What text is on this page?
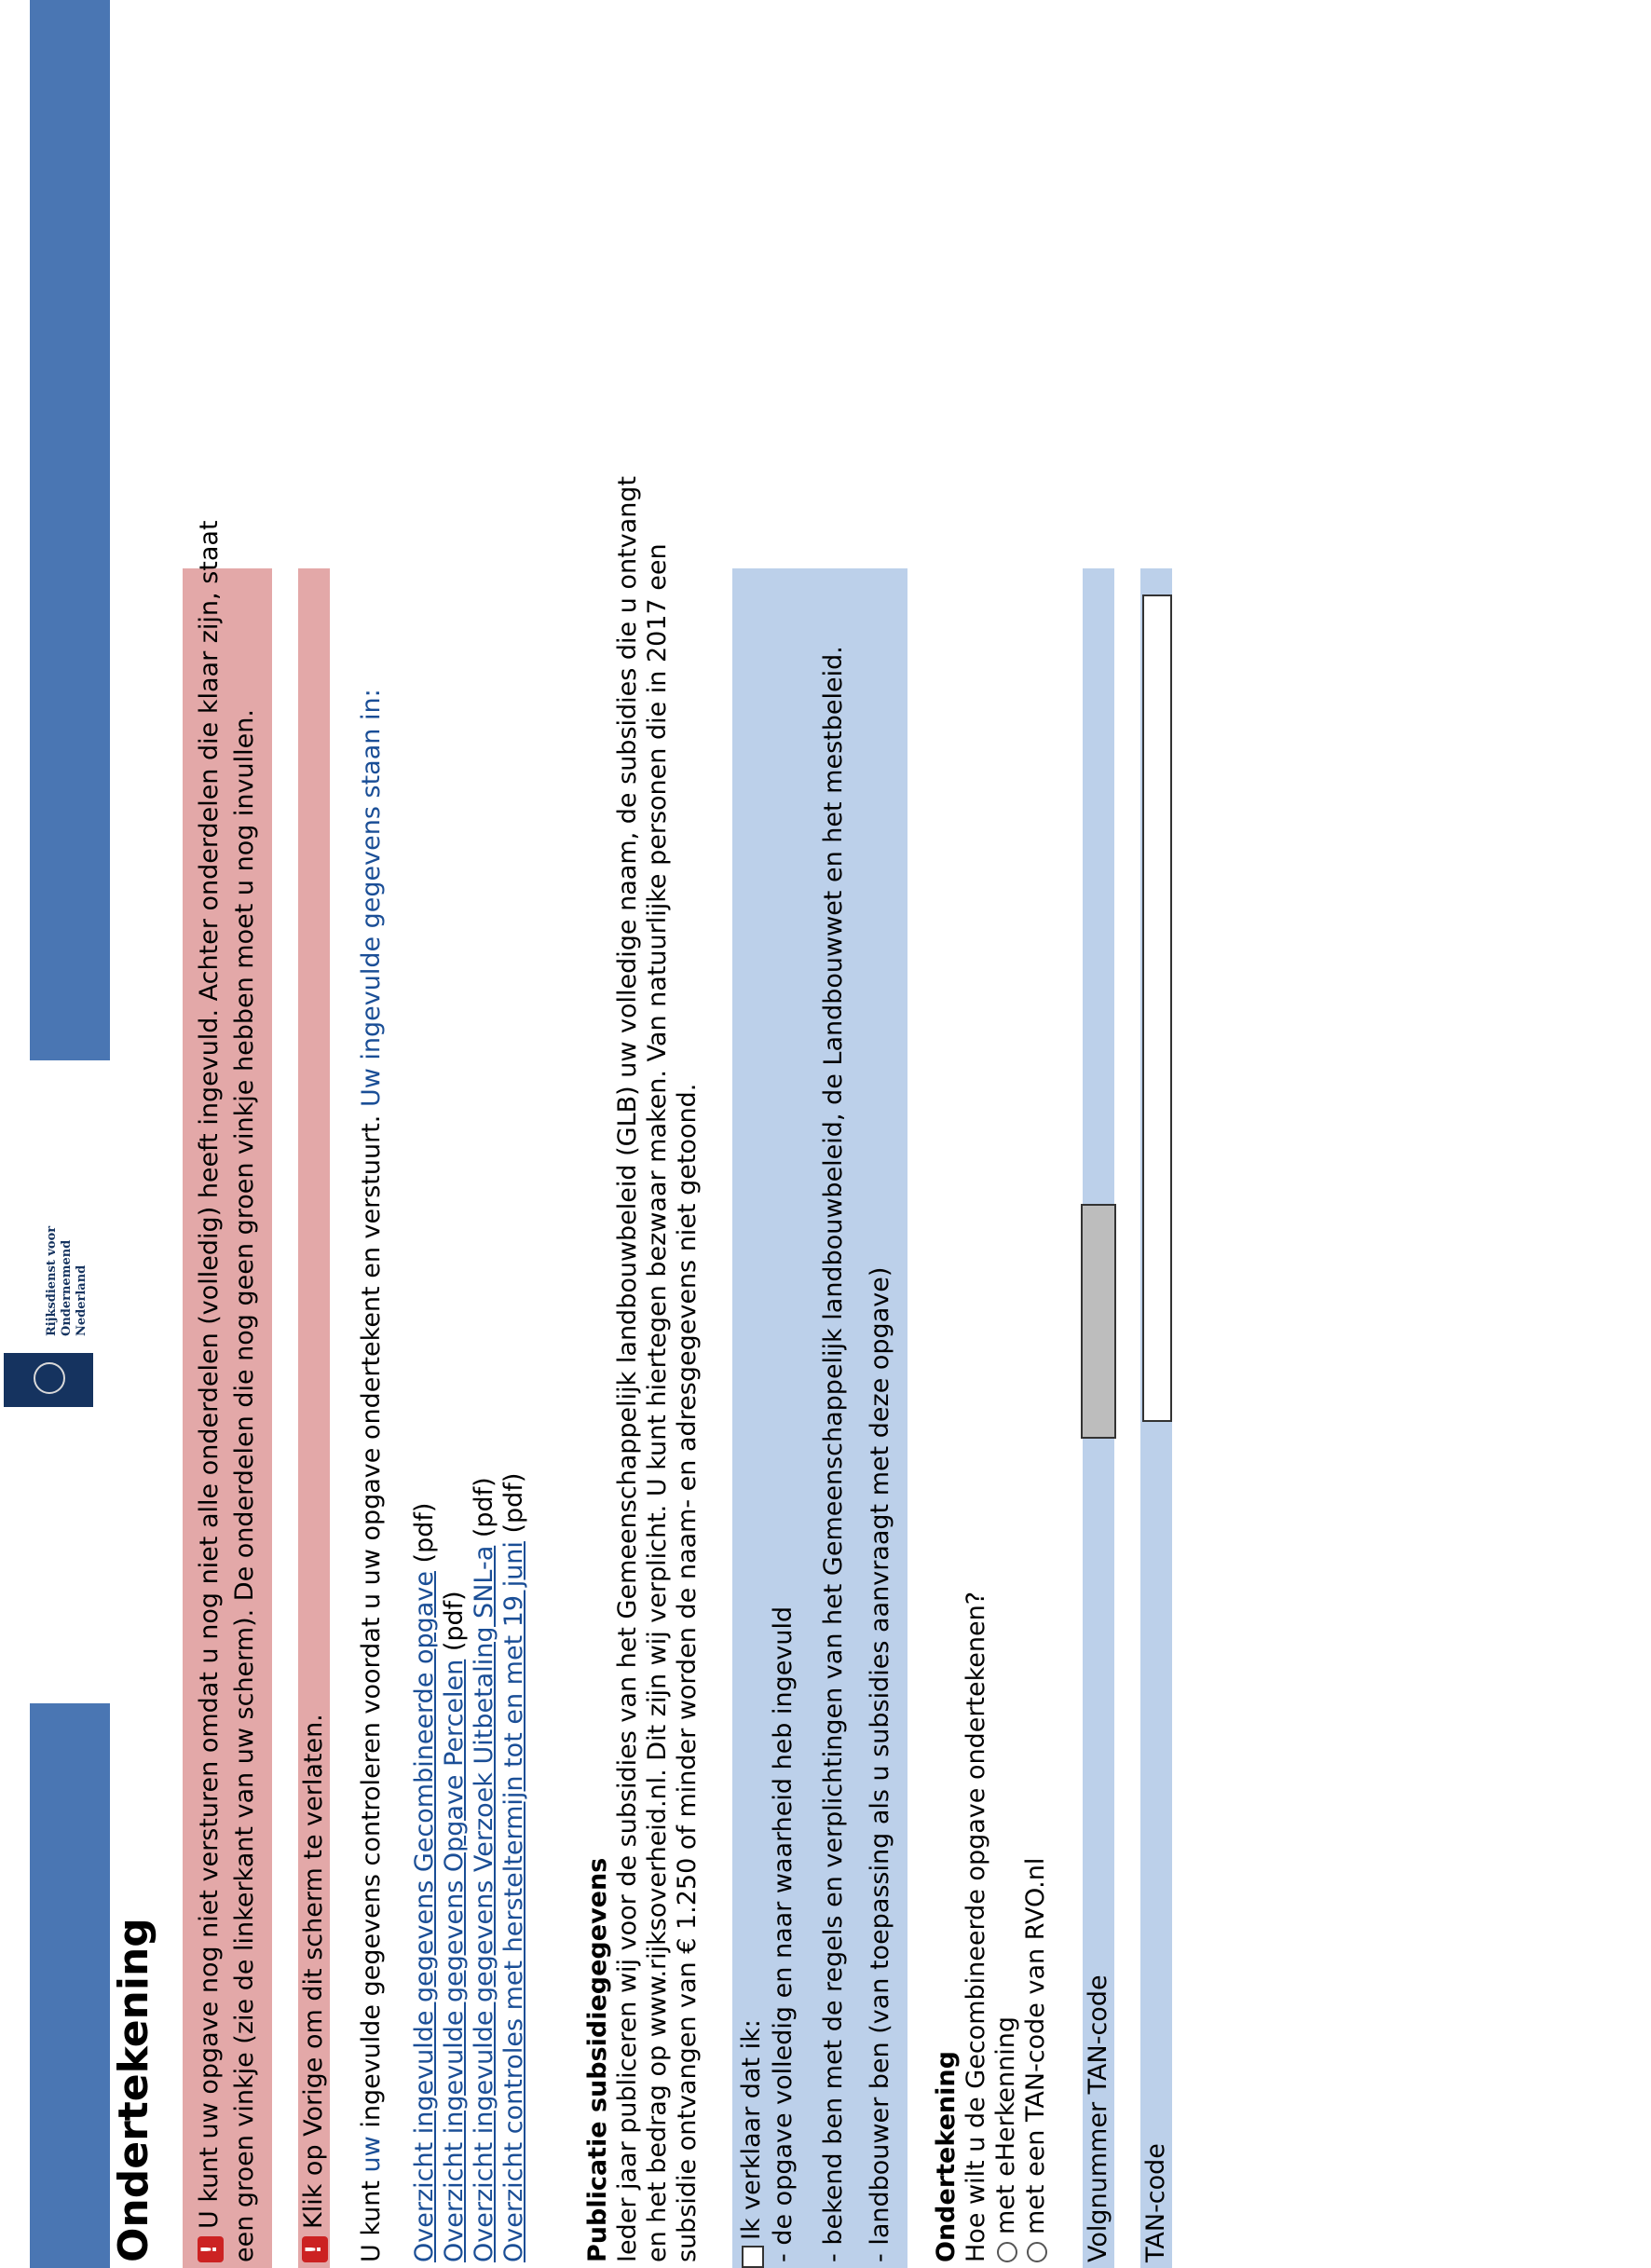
Rijksdienst voor Ondernemend Nederland
Ondertekening !U kunt uw opgave nog niet versturen omdat u nog niet alle onderdelen (volledig) heeft ingevuld. Achter onderdelen die klaar zijn, staat een groen vinkje (zie de linkerkant van uw scherm). De onderdelen die nog geen groen vinkje hebben moet u nog invullen. !Klik op Vorige om dit scherm te verlaten. U kunt uw ingevulde gegevens controleren voordat u uw opgave ondertekent en verstuurt. Uw ingevulde gegevens staan in:
Overzicht ingevulde gegevens Gecombineerde opgave (pdf)
Overzicht ingevulde gegevens Opgave Percelen (pdf) Overzicht ingevulde gegevens Verzoek Uitbetaling SNL-a (pdf)
Overzicht controles met hersteltermijn tot en met 19 juni (pdf)
Publicatie subsidiegegevens Ieder jaar publiceren wij voor de subsidies van het Gemeenschappelijk landbouwbeleid (GLB) uw volledige naam, de subsidies die u ontvangt en het bedrag op www.rijksoverheid.nl. Dit zijn wij verplicht. U kunt hiertegen bezwaar maken. Van natuurlijke personen die in 2017 een subsidie ontvangen van € 1.250 of minder worden de naam- en adresgegevens niet getoond. Ik verklaar dat ik: - de opgave volledig en naar waarheid heb ingevuld - bekend ben met de regels en verplichtingen van het Gemeenschappelijk landbouwbeleid, de Landbouwwet en het mestbeleid. - landbouwer ben (van toepassing als u subsidies aanvraagt met deze opgave) Ondertekening Hoe wilt u de Gecombineerde opgave ondertekenen? met eHerkenning met een TAN-code van RVO.nl Volgnummer TAN-code TAN-code
